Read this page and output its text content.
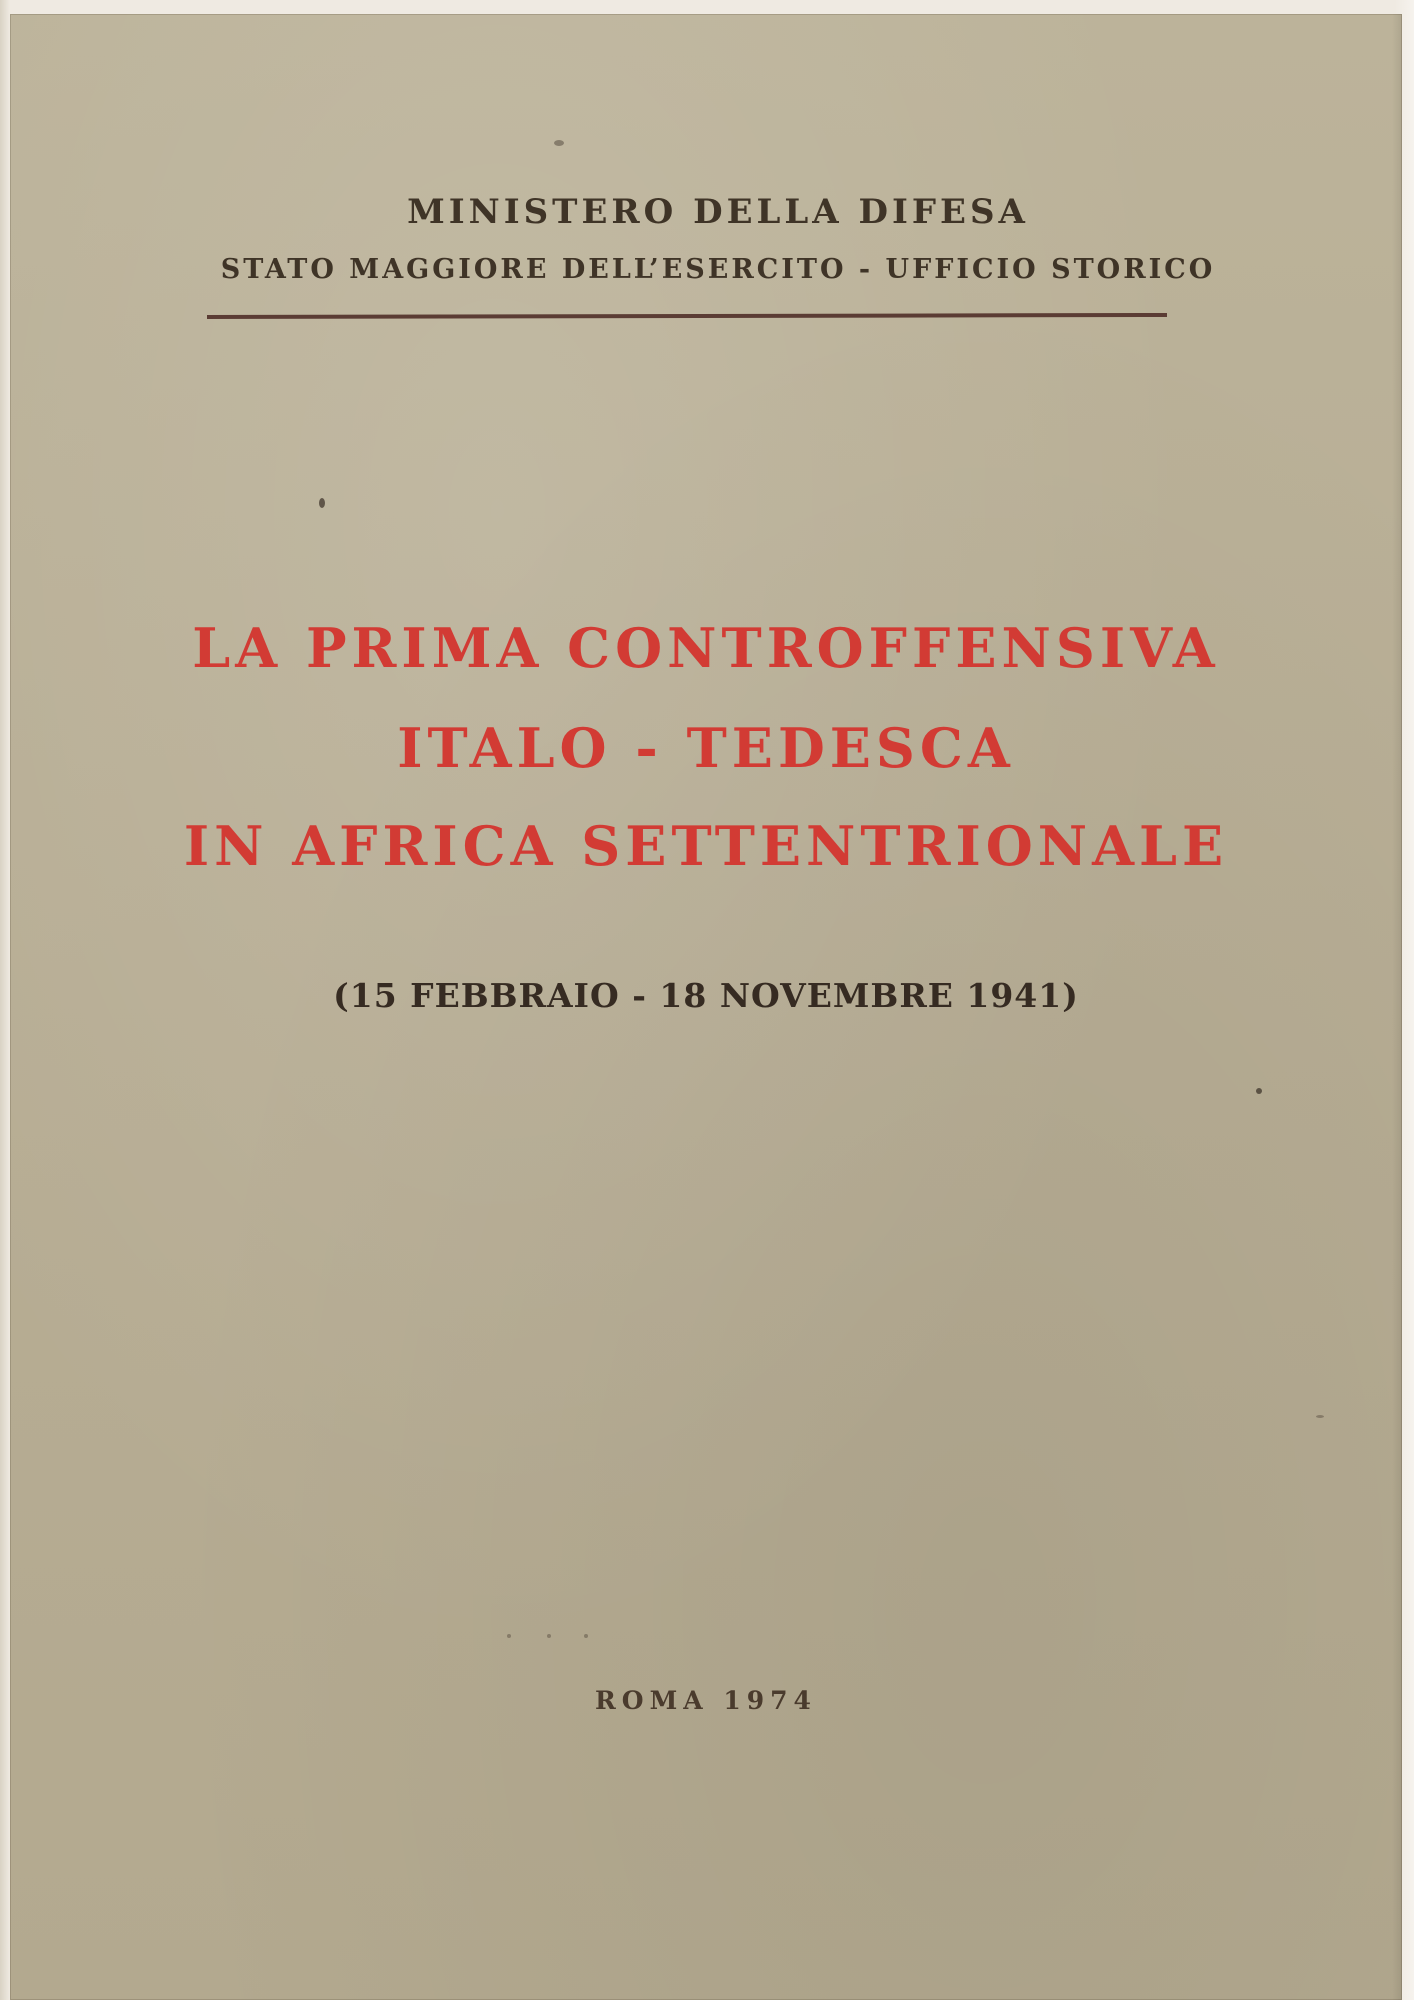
MINISTERO DELLA DIFESA
STATO MAGGIORE DELL’ESERCITO - UFFICIO STORICO
LA PRIMA CONTROFFENSIVA
ITALO - TEDESCA
IN AFRICA SETTENTRIONALE
(15 FEBBRAIO - 18 NOVEMBRE 1941)
ROMA 1974
